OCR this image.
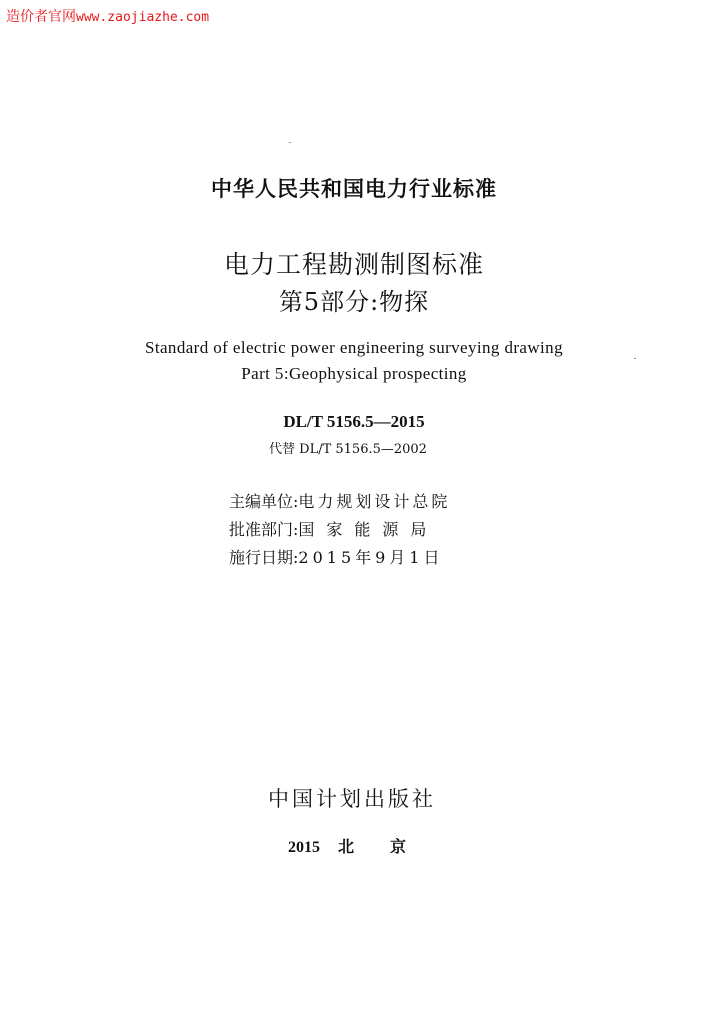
造价者官网www.zaojiazhe.com
中华人民共和国电力行业标准
电力工程勘测制图标准
第5部分:物探
Standard of electric power engineering surveying drawing
Part 5:Geophysical prospecting
DL/T 5156.5—2015
代替 DL/T 5156.5—2002
主编单位:电力规划设计总院
批准部门:国家能源局
施行日期:2015年9月1日
中国计划出版社
2015 北京
